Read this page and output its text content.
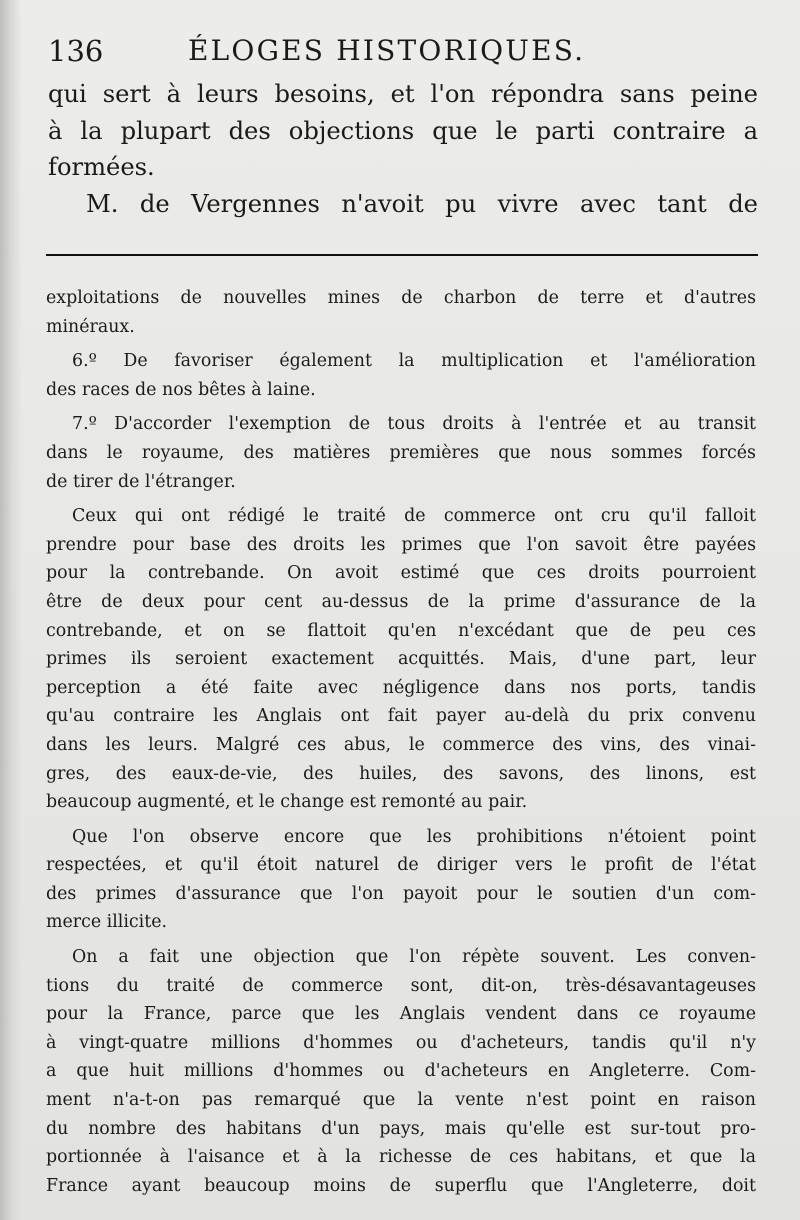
136	ÉLOGES HISTORIQUES.
qui sert à leurs besoins, et l'on répondra sans peine
à la plupart des objections que le parti contraire a
formées.
M. de Vergennes n'avoit pu vivre avec tant de
exploitations de nouvelles mines de charbon de terre et d'autres
minéraux.
6.º De favoriser également la multiplication et l'amélioration
des races de nos bêtes à laine.
7.º D'accorder l'exemption de tous droits à l'entrée et au transit
dans le royaume, des matières premières que nous sommes forcés
de tirer de l'étranger.
Ceux qui ont rédigé le traité de commerce ont cru qu'il falloit
prendre pour base des droits les primes que l'on savoit être payées
pour la contrebande. On avoit estimé que ces droits pourroient
être de deux pour cent au-dessus de la prime d'assurance de la
contrebande, et on se flattoit qu'en n'excédant que de peu ces
primes ils seroient exactement acquittés. Mais, d'une part, leur
perception a été faite avec négligence dans nos ports, tandis
qu'au contraire les Anglais ont fait payer au-delà du prix convenu
dans les leurs. Malgré ces abus, le commerce des vins, des vinai-
gres, des eaux-de-vie, des huiles, des savons, des linons, est
beaucoup augmenté, et le change est remonté au pair.
Que l'on observe encore que les prohibitions n'étoient point
respectées, et qu'il étoit naturel de diriger vers le profit de l'état
des primes d'assurance que l'on payoit pour le soutien d'un com-
merce illicite.
On a fait une objection que l'on répète souvent. Les conven-
tions du traité de commerce sont, dit-on, très-désavantageuses
pour la France, parce que les Anglais vendent dans ce royaume
à vingt-quatre millions d'hommes ou d'acheteurs, tandis qu'il n'y
a que huit millions d'hommes ou d'acheteurs en Angleterre. Com-
ment n'a-t-on pas remarqué que la vente n'est point en raison
du nombre des habitans d'un pays, mais qu'elle est sur-tout pro-
portionnée à l'aisance et à la richesse de ces habitans, et que la
France ayant beaucoup moins de superflu que l'Angleterre, doit
